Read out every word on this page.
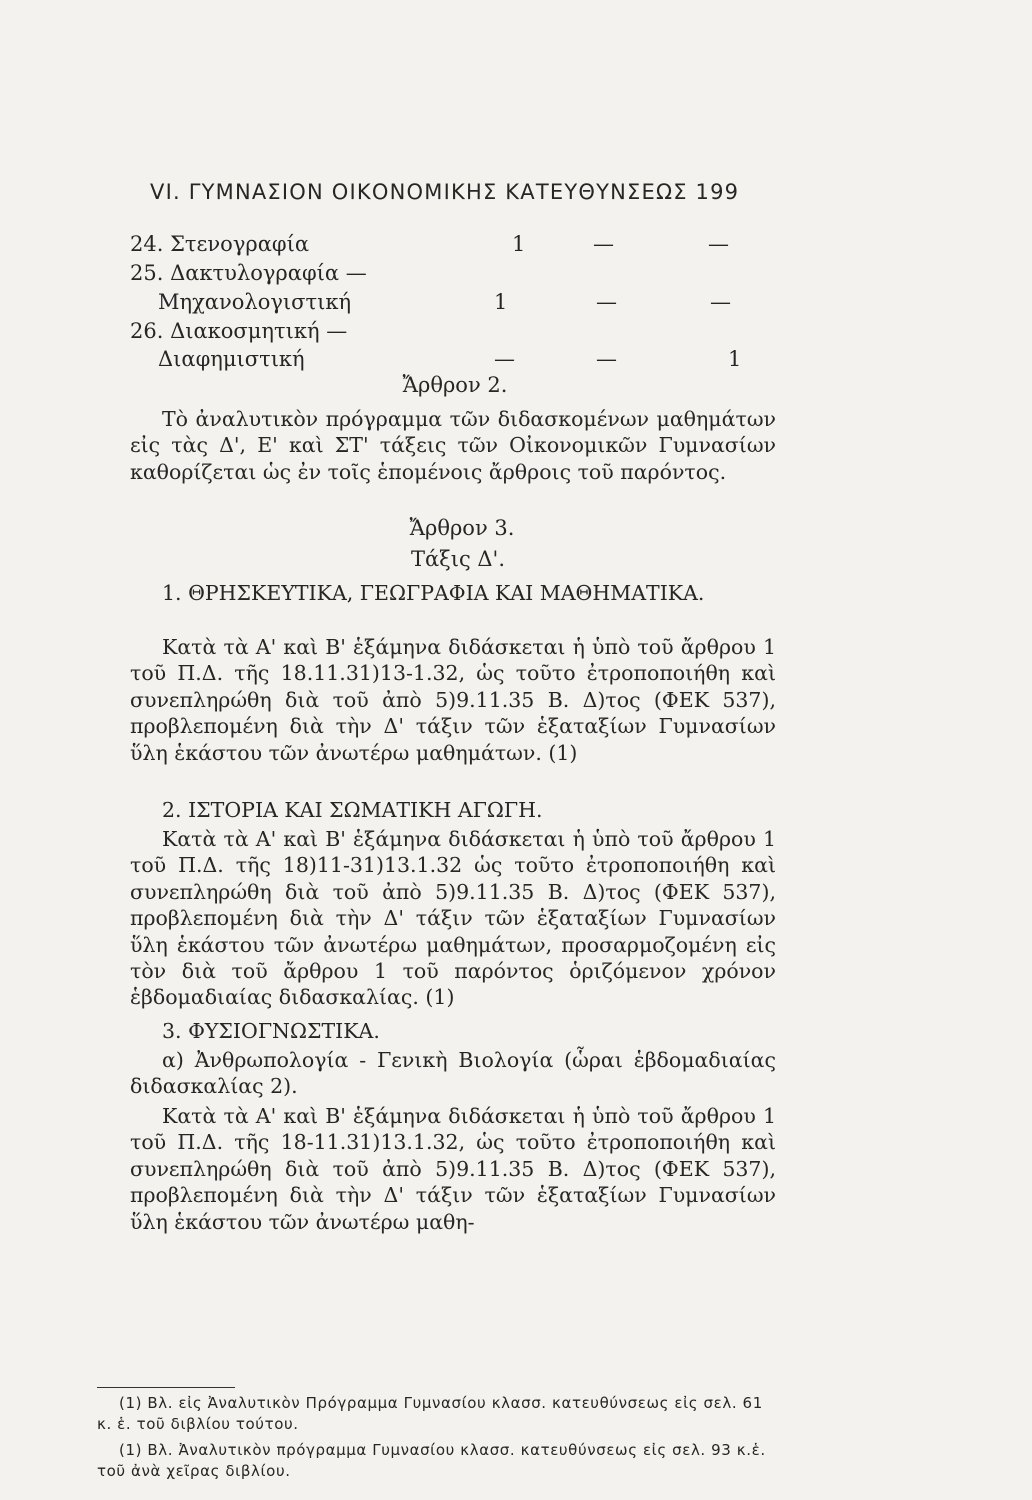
VI. ΓΥΜΝΑΣΙΟΝ ΟΙΚΟΝΟΜΙΚΗΣ ΚΑΤΕΥΘΥΝΣΕΩΣ 199
24. Στενογραφία	1	—	—
25. Δακτυλογραφία —
Μηχανολογιστική	1	—	—
26. Διακοσμητική —
Διαφημιστική	—	—	1
Ἄρθρον 2.

Τὸ ἀναλυτικὸν πρόγραμμα τῶν διδασκομένων μαθημάτων εἰς τὰς Δ', Ε' καὶ ΣΤ' τάξεις τῶν Οἰκονομικῶν Γυμνασίων καθορίζεται ὡς ἐν τοῖς ἑπομένοις ἄρθροις τοῦ παρόντος.

Ἄρθρον 3.
Τάξις Δ'.

1. ΘΡΗΣΚΕΥΤΙΚΑ, ΓΕΩΓΡΑΦΙΑ ΚΑΙ ΜΑΘΗΜΑΤΙΚΑ.

Κατὰ τὰ Α' καὶ Β' ἑξάμηνα διδάσκεται ἡ ὑπὸ τοῦ ἄρθρου 1 τοῦ Π.Δ. τῆς 18.11.31)13-1.32, ὡς τοῦτο ἐτροποποιήθη καὶ συνεπληρώθη διὰ τοῦ ἀπὸ 5)9.11.35 Β. Δ)τος (ΦΕΚ 537), προβλεπομένη διὰ τὴν Δ' τάξιν τῶν ἑξαταξίων Γυμνασίων ὕλη ἑκάστου τῶν ἀνωτέρω μαθημάτων. (1)

2. ΙΣΤΟΡΙΑ ΚΑΙ ΣΩΜΑΤΙΚΗ ΑΓΩΓΗ.

Κατὰ τὰ Α' καὶ Β' ἑξάμηνα διδάσκεται ἡ ὑπὸ τοῦ ἄρθρου 1 τοῦ Π.Δ. τῆς 18)11-31)13.1.32 ὡς τοῦτο ἐτροποποιήθη καὶ συνεπληρώθη διὰ τοῦ ἀπὸ 5)9.11.35 Β. Δ)τος (ΦΕΚ 537), προβλεπομένη διὰ τὴν Δ' τάξιν τῶν ἑξαταξίων Γυμνασίων ὕλη ἑκάστου τῶν ἀνωτέρω μαθημάτων, προσαρμοζομένη εἰς τὸν διὰ τοῦ ἄρθρου 1 τοῦ παρόντος ὁριζόμενον χρόνον ἑβδομαδιαίας διδασκαλίας. (1)

3. ΦΥΣΙΟΓΝΩΣΤΙΚΑ.

α) Ἀνθρωπολογία - Γενικὴ Βιολογία (ὧραι ἑβδομαδιαίας διδασκαλίας 2).

Κατὰ τὰ Α' καὶ Β' ἑξάμηνα διδάσκεται ἡ ὑπὸ τοῦ ἄρθρου 1 τοῦ Π.Δ. τῆς 18-11.31)13.1.32, ὡς τοῦτο ἐτροποποιήθη καὶ συνεπληρώθη διὰ τοῦ ἀπὸ 5)9.11.35 Β. Δ)τος (ΦΕΚ 537), προβλεπομένη διὰ τὴν Δ' τάξιν τῶν ἑξαταξίων Γυμνασίων ὕλη ἑκάστου τῶν ἀνωτέρω μαθη-

(1) Βλ. εἰς Ἀναλυτικὸν Πρόγραμμα Γυμνασίου κλασσ. κατευθύνσεως εἰς σελ. 61 κ. ἑ. τοῦ διβλίου τούτου.

(1) Βλ. Ἀναλυτικὸν πρόγραμμα Γυμνασίου κλασσ. κατευθύνσεως εἰς σελ. 93 κ.ἑ. τοῦ ἀνὰ χεῖρας διβλίου.
